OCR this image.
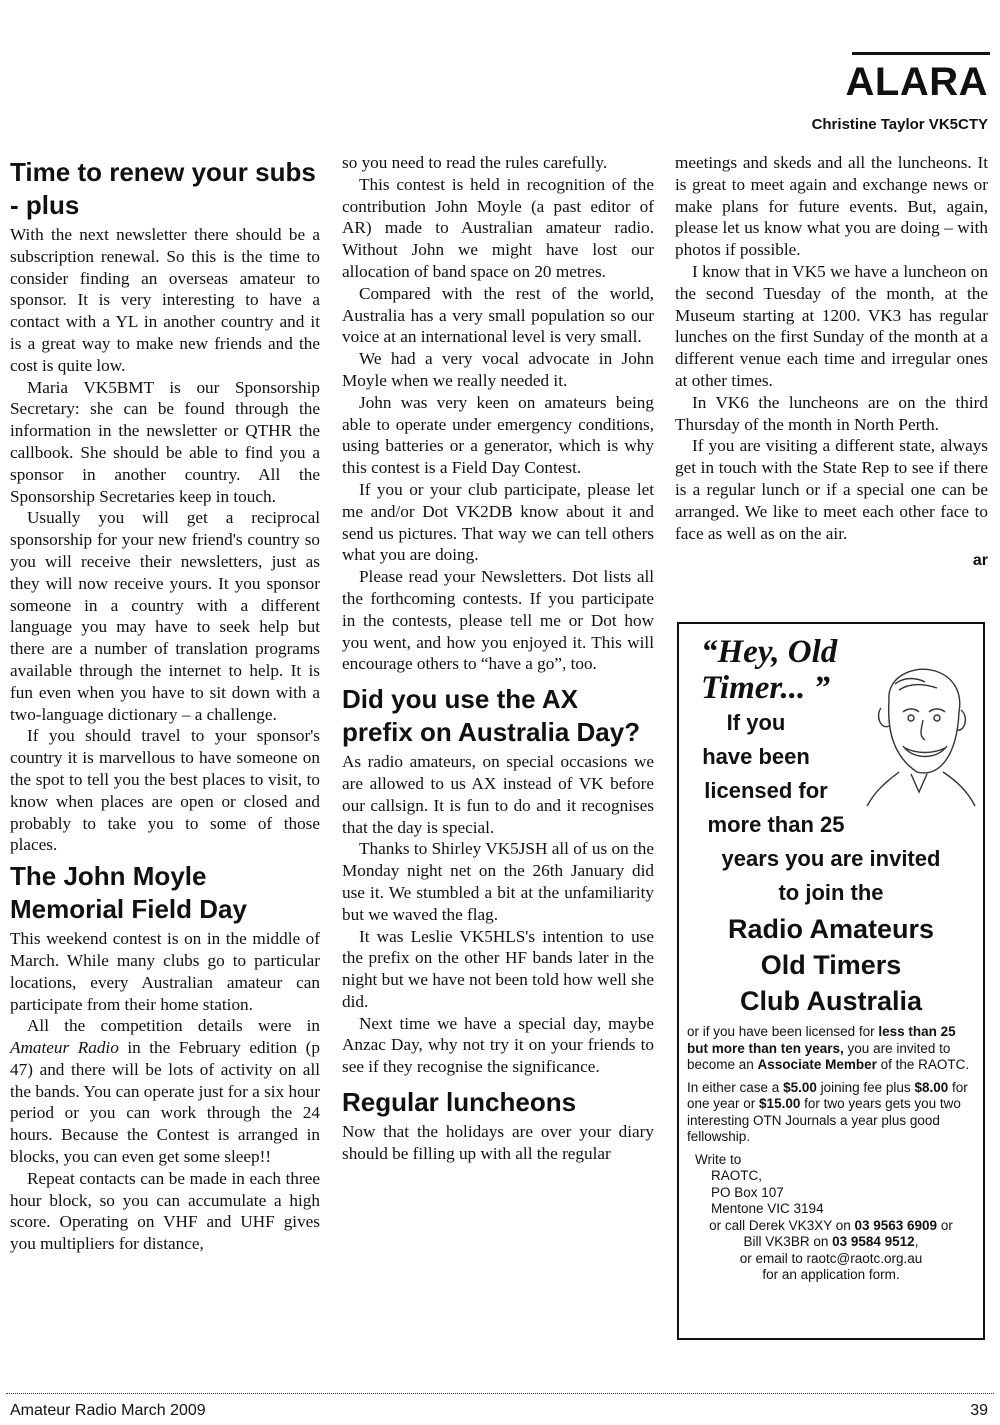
ALARA
Christine Taylor VK5CTY
Time to renew your subs - plus

With the next newsletter there should be a subscription renewal. So this is the time to consider finding an overseas amateur to sponsor. It is very interesting to have a contact with a YL in another country and it is a great way to make new friends and the cost is quite low.

Maria VK5BMT is our Sponsorship Secretary: she can be found through the information in the newsletter or QTHR the callbook. She should be able to find you a sponsor in another country. All the Sponsorship Secretaries keep in touch.

Usually you will get a reciprocal sponsorship for your new friend's country so you will receive their newsletters, just as they will now receive yours. It you sponsor someone in a country with a different language you may have to seek help but there are a number of translation programs available through the internet to help. It is fun even when you have to sit down with a two-language dictionary – a challenge.

If you should travel to your sponsor's country it is marvellous to have someone on the spot to tell you the best places to visit, to know when places are open or closed and probably to take you to some of those places.

The John Moyle Memorial Field Day

This weekend contest is on in the middle of March. While many clubs go to particular locations, every Australian amateur can participate from their home station.

All the competition details were in Amateur Radio in the February edition (p 47) and there will be lots of activity on all the bands. You can operate just for a six hour period or you can work through the 24 hours. Because the Contest is arranged in blocks, you can even get some sleep!!

Repeat contacts can be made in each three hour block, so you can accumulate a high score. Operating on VHF and UHF gives you multipliers for distance,

so you need to read the rules carefully.

This contest is held in recognition of the contribution John Moyle (a past editor of AR) made to Australian amateur radio. Without John we might have lost our allocation of band space on 20 metres.

Compared with the rest of the world, Australia has a very small population so our voice at an international level is very small.

We had a very vocal advocate in John Moyle when we really needed it.

John was very keen on amateurs being able to operate under emergency conditions, using batteries or a generator, which is why this contest is a Field Day Contest.

If you or your club participate, please let me and/or Dot VK2DB know about it and send us pictures. That way we can tell others what you are doing.

Please read your Newsletters. Dot lists all the forthcoming contests. If you participate in the contests, please tell me or Dot how you went, and how you enjoyed it. This will encourage others to “have a go”, too.

Did you use the AX prefix on Australia Day?

As radio amateurs, on special occasions we are allowed to us AX instead of VK before our callsign. It is fun to do and it recognises that the day is special.

Thanks to Shirley VK5JSH all of us on the Monday night net on the 26th January did use it. We stumbled a bit at the unfamiliarity but we waved the flag.

It was Leslie VK5HLS's intention to use the prefix on the other HF bands later in the night but we have not been told how well she did.

Next time we have a special day, maybe Anzac Day, why not try it on your friends to see if they recognise the significance.

Regular luncheons

Now that the holidays are over your diary should be filling up with all the regular

meetings and skeds and all the luncheons. It is great to meet again and exchange news or make plans for future events. But, again, please let us know what you are doing – with photos if possible.

I know that in VK5 we have a luncheon on the second Tuesday of the month, at the Museum starting at 1200. VK3 has regular lunches on the first Sunday of the month at a different venue each time and irregular ones at other times.

In VK6 the luncheons are on the third Thursday of the month in North Perth.

If you are visiting a different state, always get in touch with the State Rep to see if there is a regular lunch or if a special one can be arranged. We like to meet each other face to face as well as on the air.

ar
“Hey, Old
Timer... ”
If you
have been
licensed for
more than 25
years you are invited
to join the
Radio Amateurs
Old Timers
Club Australia
or if you have been licensed for less than 25 but more than ten years, you are invited to become an Associate Member of the RAOTC.
In either case a $5.00 joining fee plus $8.00 for one year or $15.00 for two years gets you two interesting OTN Journals a year plus good fellowship.
Write to
RAOTC,
PO Box 107
Mentone VIC 3194
or call Derek VK3XY on 03 9563 6909 or
Bill VK3BR on 03 9584 9512,
or email to raotc@raotc.org.au
for an application form.
Amateur Radio March 2009	39
